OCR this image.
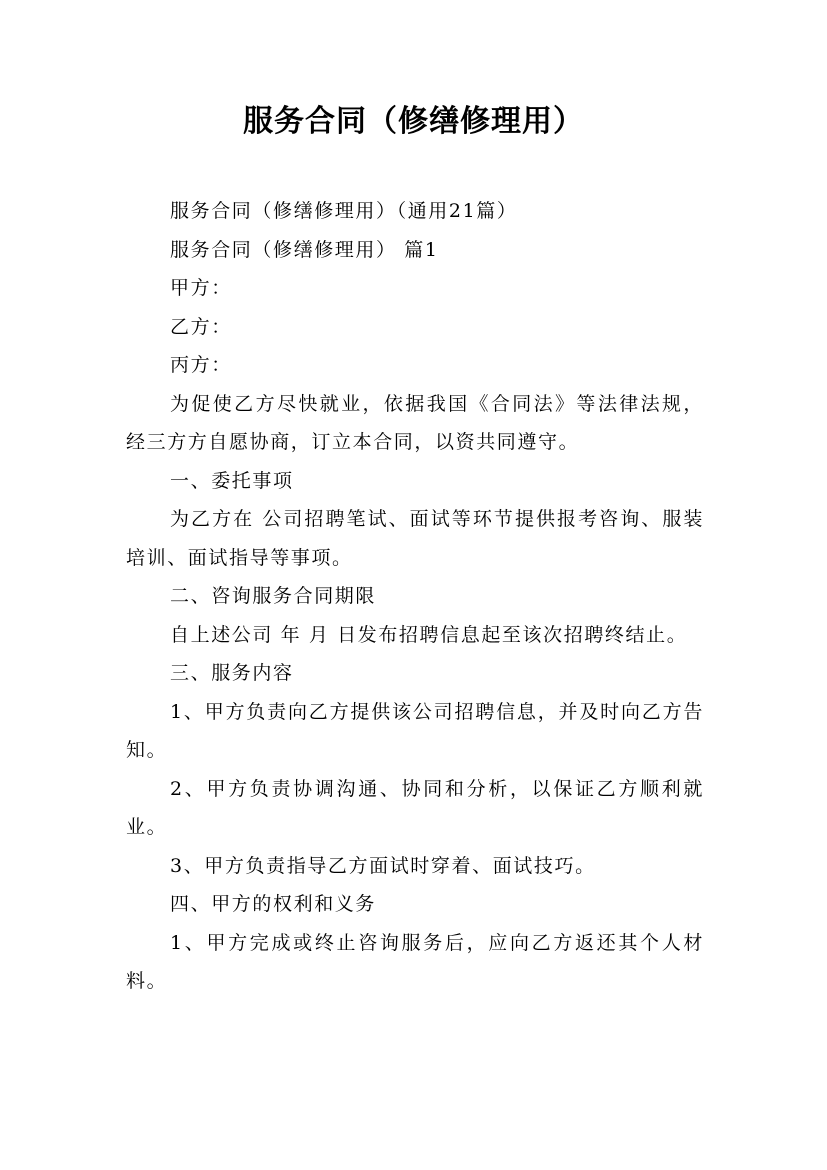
服务合同（修缮修理用）

服务合同（修缮修理用）（通用21篇）

服务合同（修缮修理用） 篇1

甲方：

乙方：

丙方：

为促使乙方尽快就业，依据我国《合同法》等法律法规，经三方方自愿协商，订立本合同，以资共同遵守。

一、委托事项

为乙方在 公司招聘笔试、面试等环节提供报考咨询、服装培训、面试指导等事项。

二、咨询服务合同期限

自上述公司 年 月 日发布招聘信息起至该次招聘终结止。

三、服务内容

1、甲方负责向乙方提供该公司招聘信息，并及时向乙方告知。

2、甲方负责协调沟通、协同和分析，以保证乙方顺利就业。

3、甲方负责指导乙方面试时穿着、面试技巧。

四、甲方的权利和义务

1、甲方完成或终止咨询服务后，应向乙方返还其个人材料。
